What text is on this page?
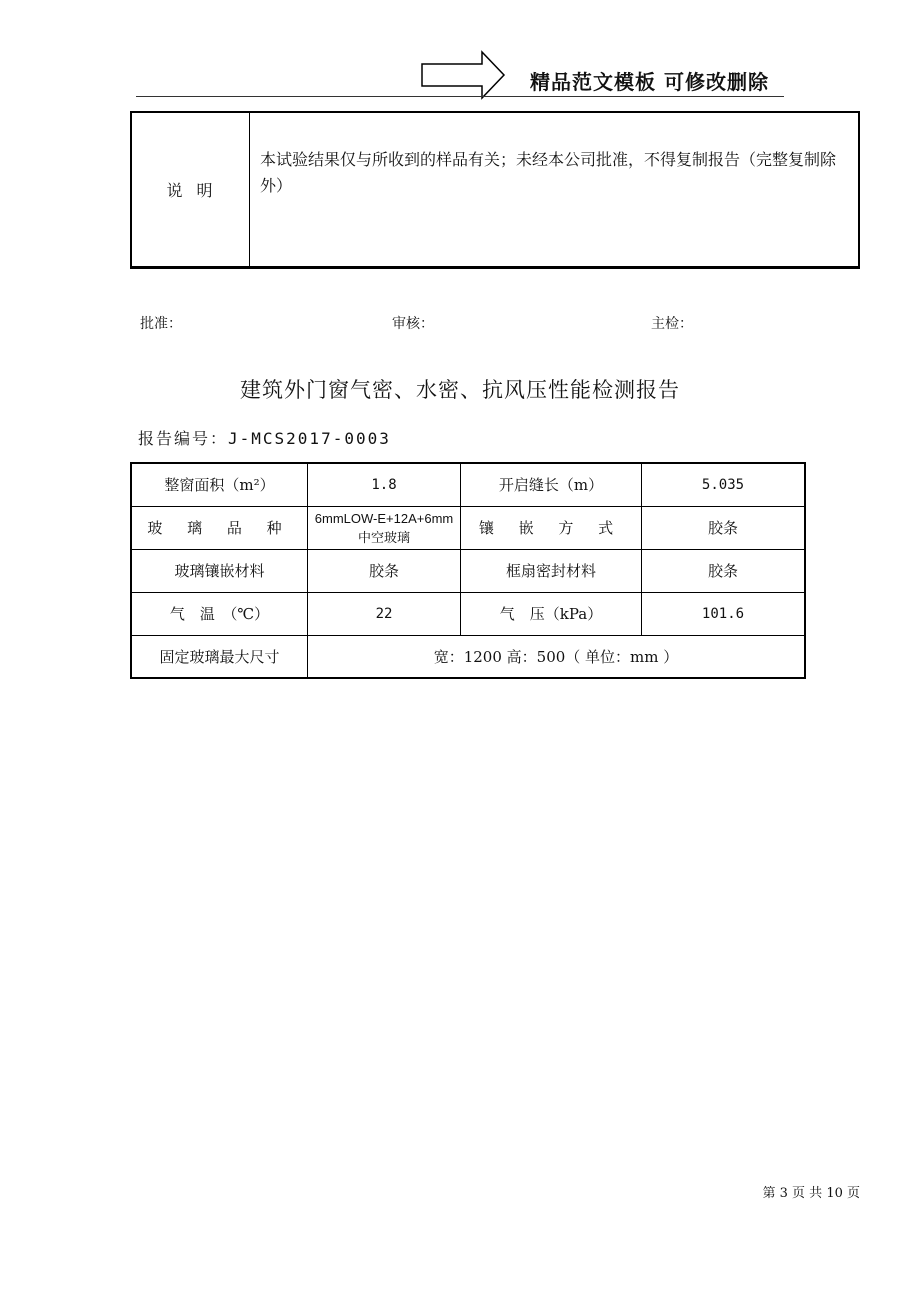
精品范文模板 可修改删除
说明
本试验结果仅与所收到的样品有关；未经本公司批准，不得复制报告（完整复制除外）
批准：	审核：	主检：
建筑外门窗气密、水密、抗风压性能检测报告
报告编号：J-MCS2017-0003
整窗面积（m²）	1.8	开启缝长（m）	5.035
玻 璃 品 种	6mmLOW-E+12A+6mm 中空玻璃	镶 嵌 方 式	胶条
玻璃镶嵌材料	胶条	框扇密封材料	胶条
气　温　（℃）	22	气　压（kPa）	101.6
固定玻璃最大尺寸	宽：1200 高：500（ 单位：mm ）		
第 3 页 共 10 页
